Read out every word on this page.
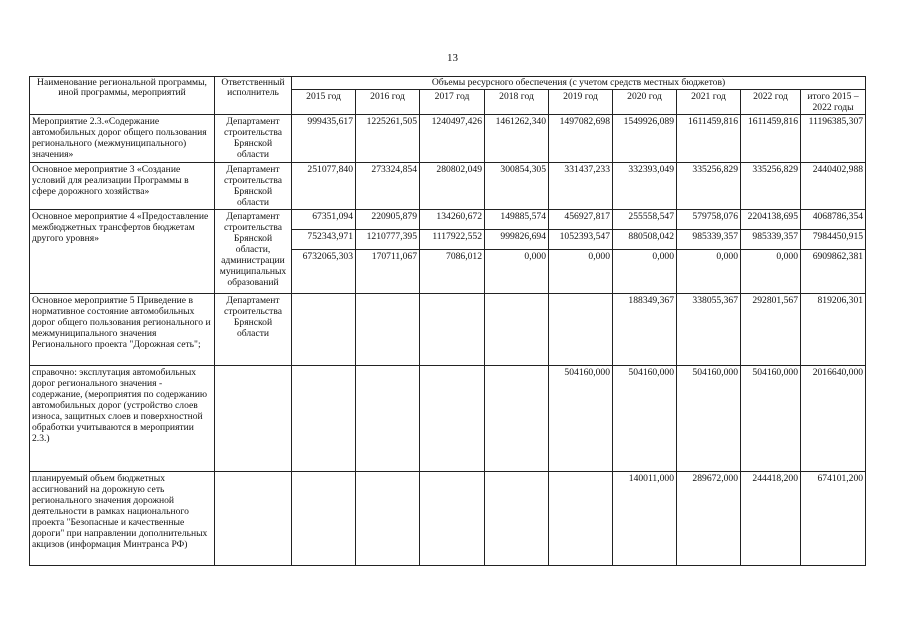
13
Наименование региональной программы, иной программы, мероприятий	Ответственный исполнитель	Объемы ресурсного обеспечения (с учетом средств местных бюджетов)								
		2015 год	2016 год	2017 год	2018 год	2019 год	2020 год	2021 год	2022 год	итого 2015 – 2022 годы
Мероприятие 2.3.«Содержание автомобильных дорог общего пользования регионального (межмуниципального) значения»	Департамент строительства Брянской области	999435,617	1225261,505	1240497,426	1461262,340	1497082,698	1549926,089	1611459,816	1611459,816	11196385,307
Основное мероприятие 3 «Создание условий для реализации Программы в сфере дорожного хозяйства»	Департамент строительства Брянской области	251077,840	273324,854	280802,049	300854,305	331437,233	332393,049	335256,829	335256,829	2440402,988
Основное мероприятие 4 «Предоставление межбюджетных трансфертов бюджетам другого уровня»	Департамент строительства Брянской области, администрации муниципальных образований	67351,094	220905,879	134260,672	149885,574	456927,817	255558,547	579758,076	2204138,695	4068786,354
		752343,971	1210777,395	1117922,552	999826,694	1052393,547	880508,042	985339,357	985339,357	7984450,915
		6732065,303	170711,067	7086,012	0,000	0,000	0,000	0,000	0,000	6909862,381
Основное мероприятие 5 Приведение в нормативное состояние автомобильных дорог общего пользования регионального и межмуниципального значения Регионального проекта "Дорожная сеть";	Департамент строительства Брянской области						188349,367	338055,367	292801,567	819206,301
справочно: эксплутация автомобильных дорог регионального значения - содержание, (мероприятия по содержанию автомобильных дорог (устройство слоев износа, защитных слоев и поверхностной обработки учитываются в мероприятии 2.3.)						504160,000	504160,000	504160,000	504160,000	2016640,000
планируемый объем бюджетных ассигнований на дорожную сеть регионального значения дорожной деятельности в рамках национального проекта "Безопасные и качественные дороги" при направлении дополнительных акцизов (информация Минтранса РФ)							140011,000	289672,000	244418,200	674101,200
